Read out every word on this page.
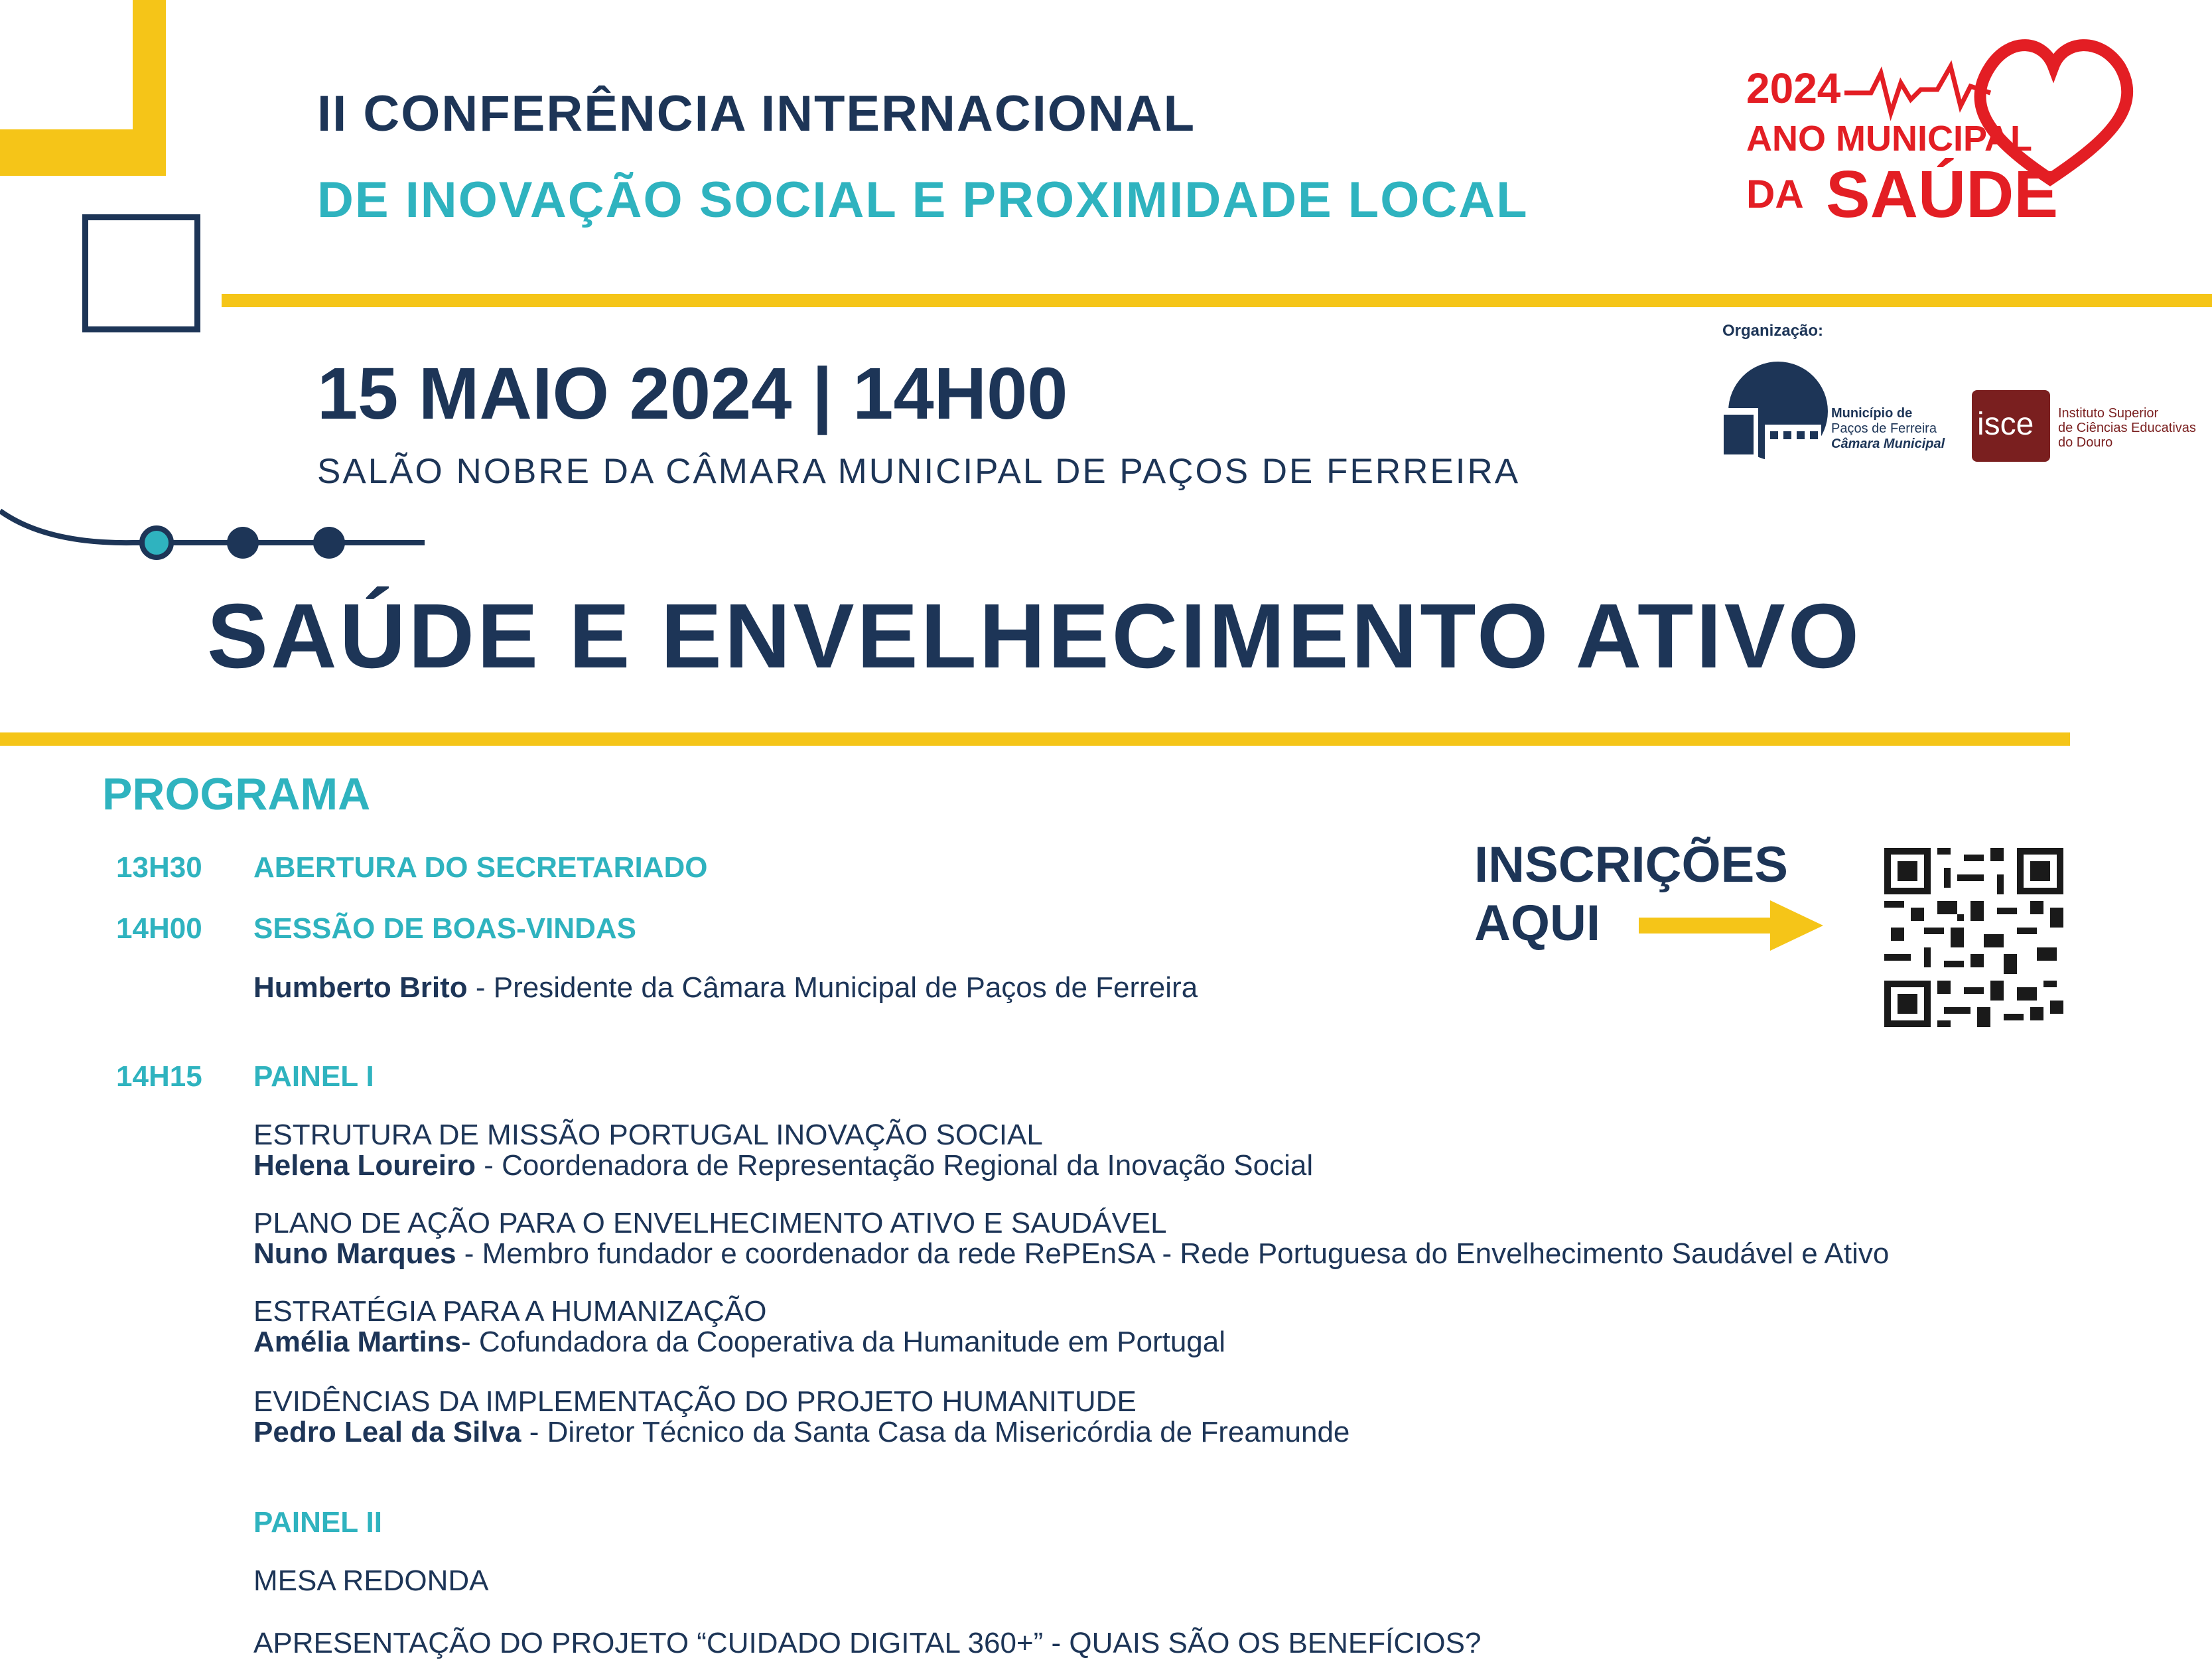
II CONFERÊNCIA INTERNACIONAL
DE INOVAÇÃO SOCIAL E PROXIMIDADE LOCAL
15 MAIO 2024 | 14H00
SALÃO NOBRE DA CÂMARA MUNICIPAL DE PAÇOS DE FERREIRA
SAÚDE E ENVELHECIMENTO ATIVO
2024
ANO MUNICIPAL
DA SAÚDE
Organização:
Município de
Paços de Ferreira
Câmara Municipal
isce Instituto Superior
de Ciências Educativas
do Douro
PROGRAMA
13H30 ABERTURA DO SECRETARIADO
14H00 SESSÃO DE BOAS-VINDAS
Humberto Brito - Presidente da Câmara Municipal de Paços de Ferreira
14H15 PAINEL I
ESTRUTURA DE MISSÃO PORTUGAL INOVAÇÃO SOCIAL
Helena Loureiro - Coordenadora de Representação Regional da Inovação Social
PLANO DE AÇÃO PARA O ENVELHECIMENTO ATIVO E SAUDÁVEL
Nuno Marques - Membro fundador e coordenador da rede RePEnSA - Rede Portuguesa do Envelhecimento Saudável e Ativo
ESTRATÉGIA PARA A HUMANIZAÇÃO
Amélia Martins- Cofundadora da Cooperativa da Humanitude em Portugal
EVIDÊNCIAS DA IMPLEMENTAÇÃO DO PROJETO HUMANITUDE
Pedro Leal da Silva - Diretor Técnico da Santa Casa da Misericórdia de Freamunde
PAINEL II
MESA REDONDA
APRESENTAÇÃO DO PROJETO “CUIDADO DIGITAL 360+” - QUAIS SÃO OS BENEFÍCIOS?
INSCRIÇÕES
AQUI
